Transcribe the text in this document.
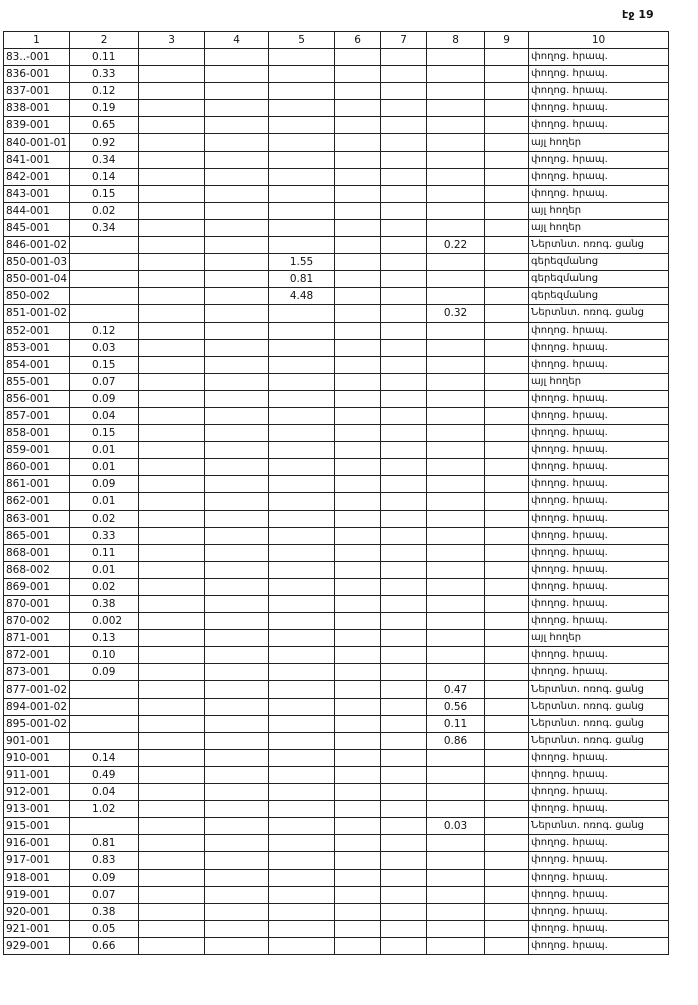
էջ 19
1	2	3	4	5	6	7	8	9	10
83..-001	0.11								փողոց. հրապ.
836-001	0.33								փողոց. հրապ.
837-001	0.12								փողոց. հրապ.
838-001	0.19								փողոց. հրապ.
839-001	0.65								փողոց. հրապ.
840-001-01	0.92								այլ հողեր
841-001	0.34								փողոց. հրապ.
842-001	0.14								փողոց. հրապ.
843-001	0.15								փողոց. հրապ.
844-001	0.02								այլ հողեր
845-001	0.34								այլ հողեր
846-001-02							0.22		Ներտնտ. ոռոգ. ցանց
850-001-03				1.55					գերեզմանոց
850-001-04				0.81					գերեզմանոց
850-002				4.48					գերեզմանոց
851-001-02							0.32		Ներտնտ. ոռոգ. ցանց
852-001	0.12								փողոց. հրապ.
853-001	0.03								փողոց. հրապ.
854-001	0.15								փողոց. հրապ.
855-001	0.07								այլ հողեր
856-001	0.09								փողոց. հրապ.
857-001	0.04								փողոց. հրապ.
858-001	0.15								փողոց. հրապ.
859-001	0.01								փողոց. հրապ.
860-001	0.01								փողոց. հրապ.
861-001	0.09								փողոց. հրապ.
862-001	0.01								փողոց. հրապ.
863-001	0.02								փողոց. հրապ.
865-001	0.33								փողոց. հրապ.
868-001	0.11								փողոց. հրապ.
868-002	0.01								փողոց. հրապ.
869-001	0.02								փողոց. հրապ.
870-001	0.38								փողոց. հրապ.
870-002	0.002								փողոց. հրապ.
871-001	0.13								այլ հողեր
872-001	0.10								փողոց. հրապ.
873-001	0.09								փողոց. հրապ.
877-001-02							0.47		Ներտնտ. ոռոգ. ցանց
894-001-02							0.56		Ներտնտ. ոռոգ. ցանց
895-001-02							0.11		Ներտնտ. ոռոգ. ցանց
901-001							0.86		Ներտնտ. ոռոգ. ցանց
910-001	0.14								փողոց. հրապ.
911-001	0.49								փողոց. հրապ.
912-001	0.04								փողոց. հրապ.
913-001	1.02								փողոց. հրապ.
915-001							0.03		Ներտնտ. ոռոգ. ցանց
916-001	0.81								փողոց. հրապ.
917-001	0.83								փողոց. հրապ.
918-001	0.09								փողոց. հրապ.
919-001	0.07								փողոց. հրապ.
920-001	0.38								փողոց. հրապ.
921-001	0.05								փողոց. հրապ.
929-001	0.66								փողոց. հրապ.
